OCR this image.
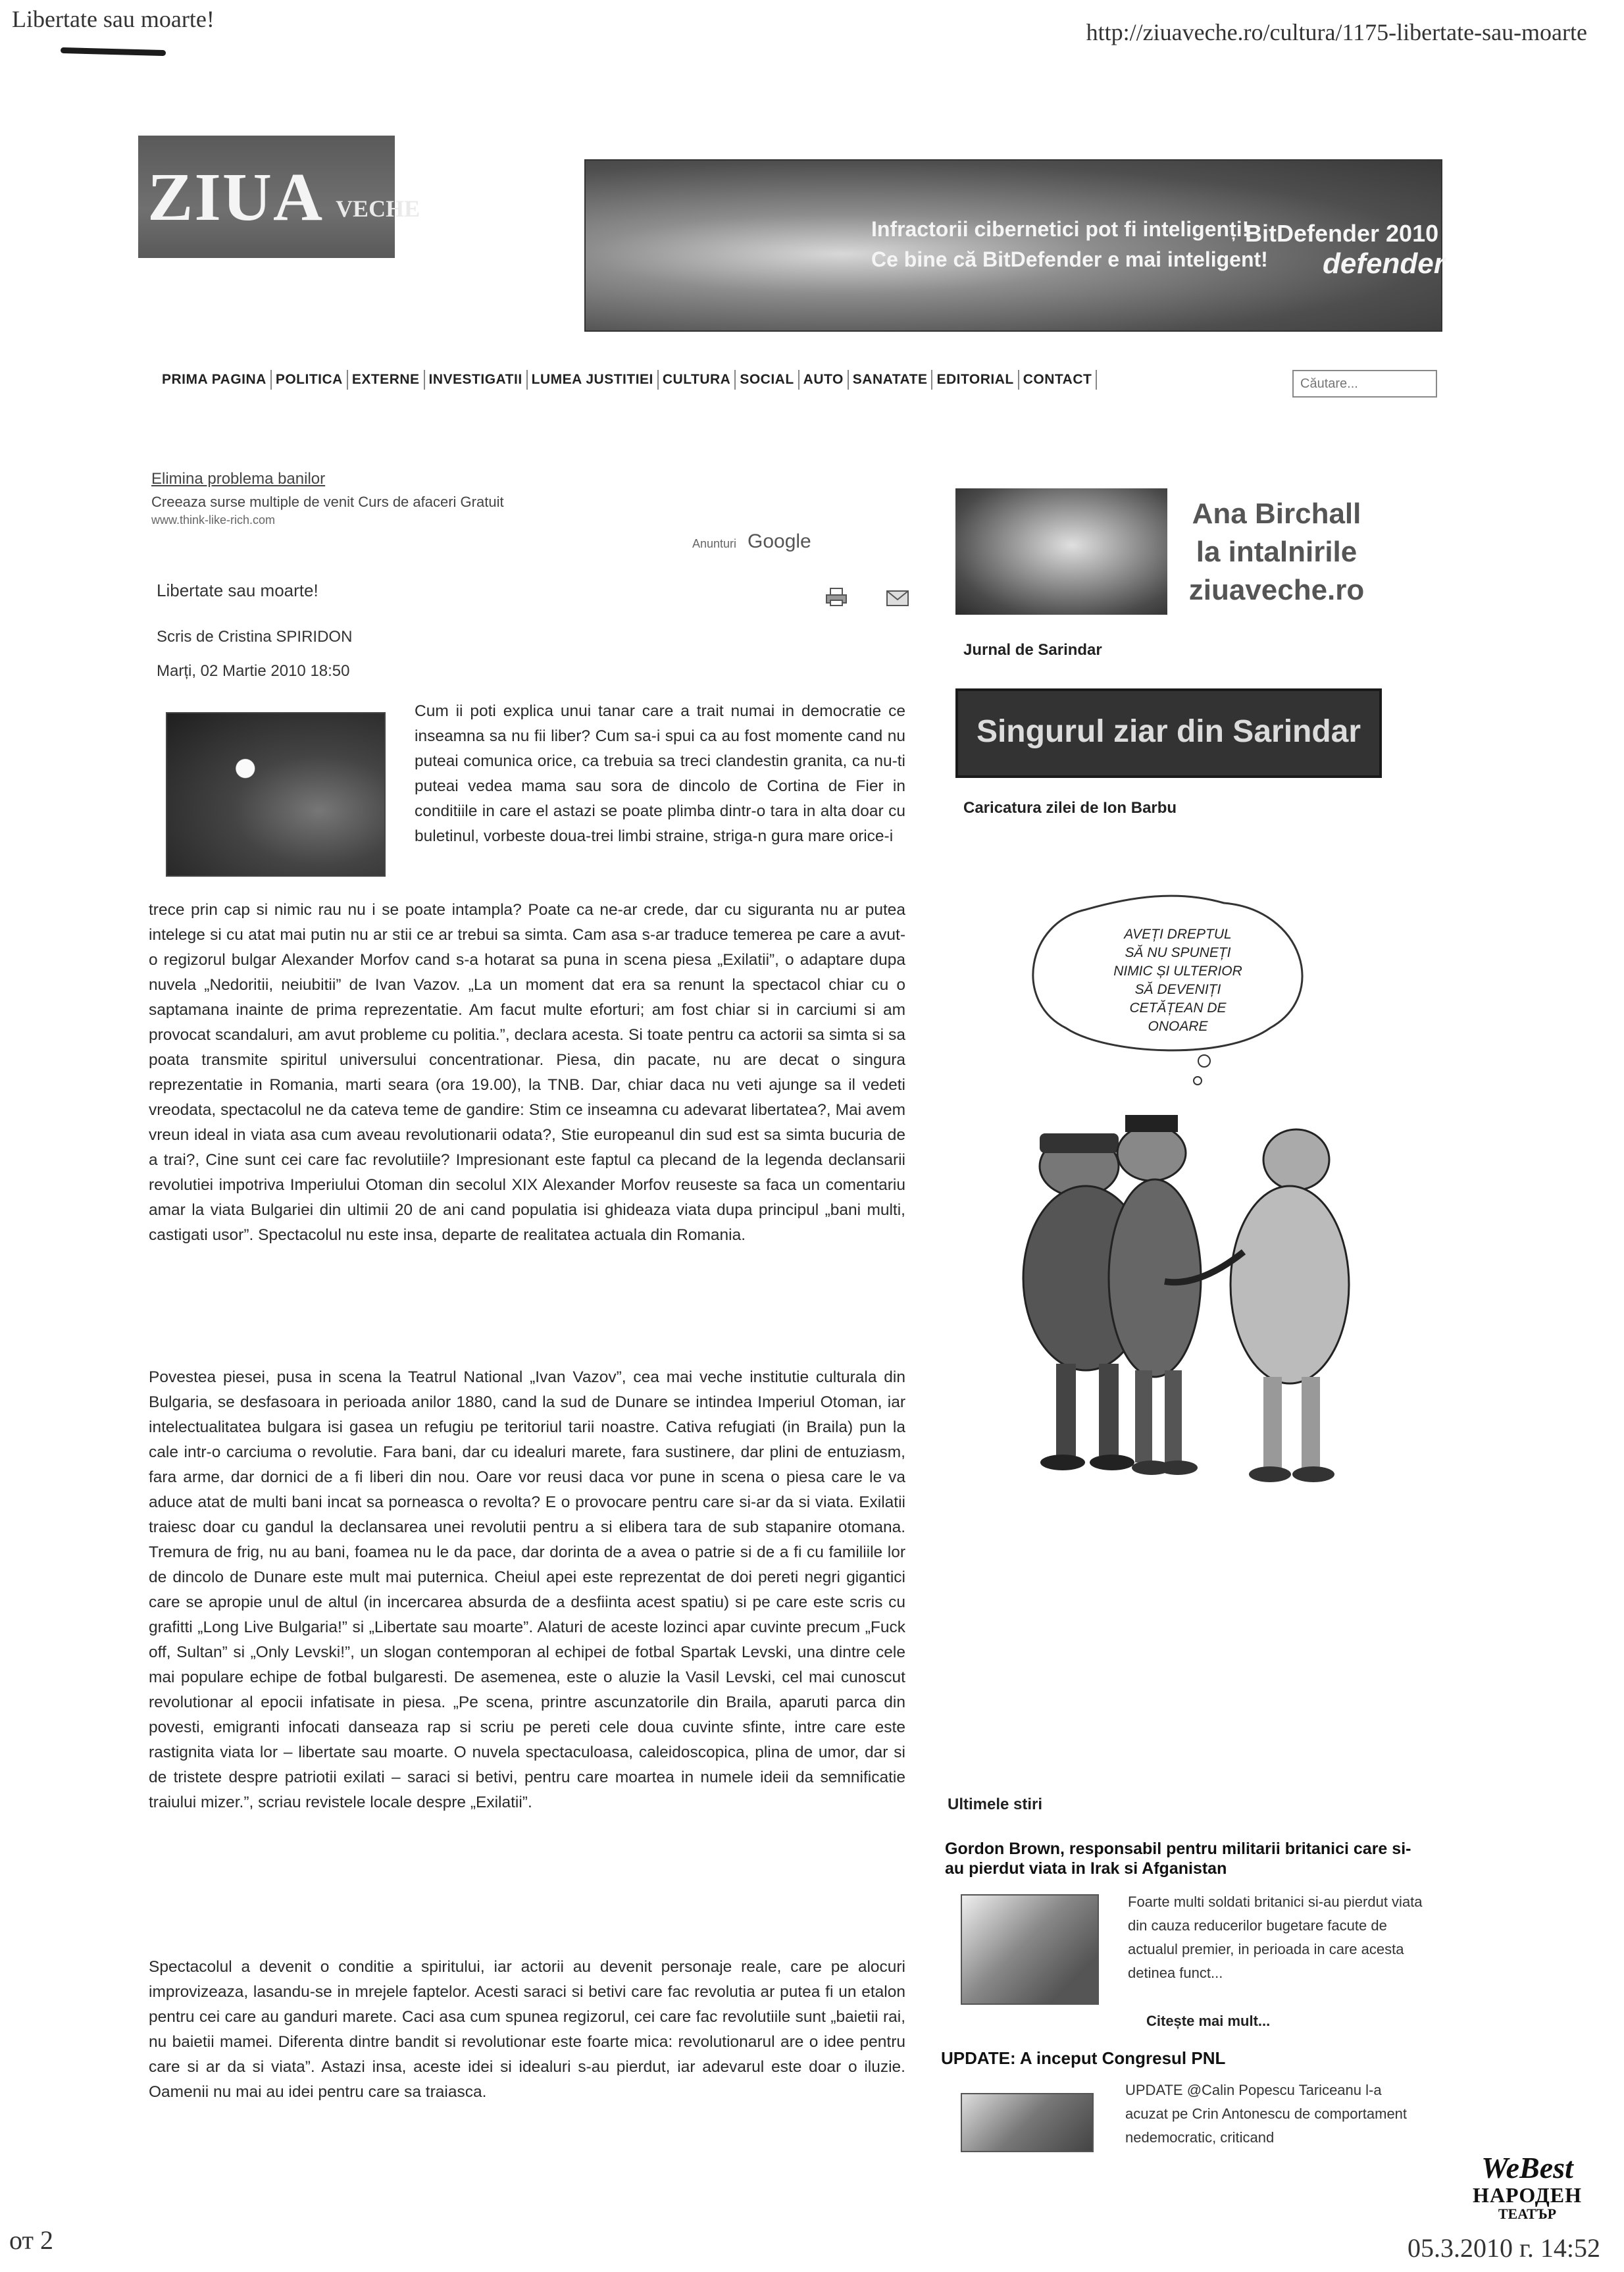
Libertate sau moarte!	http://ziuaveche.ro/cultura/1175-libertate-sau-moarte
ZIUA VECHE
Infractorii cibernetici pot fi inteligenți!
Ce bine că BitDefender e mai inteligent!
BitDefender 2010
defender
PRIMA PAGINA POLITICA EXTERNE INVESTIGATII LUMEA JUSTITIEI CULTURA SOCIAL AUTO SANATATE EDITORIAL CONTACT
Căutare...
Elimina problema banilor
Creeaza surse multiple de venit Curs de afaceri Gratuit
www.think-like-rich.com
Anunturi Google
Libertate sau moarte!
Scris de Cristina SPIRIDON
Marți, 02 Martie 2010 18:50
Cum ii poti explica unui tanar care a trait numai in democratie ce inseamna sa nu fii liber? Cum sa-i spui ca au fost momente cand nu puteai comunica orice, ca trebuia sa treci clandestin granita, ca nu-ti puteai vedea mama sau sora de dincolo de Cortina de Fier in conditiile in care el astazi se poate plimba dintr-o tara in alta doar cu buletinul, vorbeste doua-trei limbi straine, striga-n gura mare orice-i
trece prin cap si nimic rau nu i se poate intampla? Poate ca ne-ar crede, dar cu siguranta nu ar putea intelege si cu atat mai putin nu ar stii ce ar trebui sa simta. Cam asa s-ar traduce temerea pe care a avut-o regizorul bulgar Alexander Morfov cand s-a hotarat sa puna in scena piesa „Exilatii”, o adaptare dupa nuvela „Nedoritii, neiubitii” de Ivan Vazov. „La un moment dat era sa renunt la spectacol chiar cu o saptamana inainte de prima reprezentatie. Am facut multe eforturi; am fost chiar si in carciumi si am provocat scandaluri, am avut probleme cu politia.”, declara acesta. Si toate pentru ca actorii sa simta si sa poata transmite spiritul universului concentrationar. Piesa, din pacate, nu are decat o singura reprezentatie in Romania, marti seara (ora 19.00), la TNB. Dar, chiar daca nu veti ajunge sa il vedeti vreodata, spectacolul ne da cateva teme de gandire: Stim ce inseamna cu adevarat libertatea?, Mai avem vreun ideal in viata asa cum aveau revolutionarii odata?, Stie europeanul din sud est sa simta bucuria de a trai?, Cine sunt cei care fac revolutiile? Impresionant este faptul ca plecand de la legenda declansarii revolutiei impotriva Imperiului Otoman din secolul XIX Alexander Morfov reuseste sa faca un comentariu amar la viata Bulgariei din ultimii 20 de ani cand populatia isi ghideaza viata dupa principul „bani multi, castigati usor”. Spectacolul nu este insa, departe de realitatea actuala din Romania.
Povestea piesei, pusa in scena la Teatrul National „Ivan Vazov”, cea mai veche institutie culturala din Bulgaria, se desfasoara in perioada anilor 1880, cand la sud de Dunare se intindea Imperiul Otoman, iar intelectualitatea bulgara isi gasea un refugiu pe teritoriul tarii noastre. Cativa refugiati (in Braila) pun la cale intr-o carciuma o revolutie. Fara bani, dar cu idealuri marete, fara sustinere, dar plini de entuziasm, fara arme, dar dornici de a fi liberi din nou. Oare vor reusi daca vor pune in scena o piesa care le va aduce atat de multi bani incat sa porneasca o revolta? E o provocare pentru care si-ar da si viata. Exilatii traiesc doar cu gandul la declansarea unei revolutii pentru a si elibera tara de sub stapanire otomana. Tremura de frig, nu au bani, foamea nu le da pace, dar dorinta de a avea o patrie si de a fi cu familiile lor de dincolo de Dunare este mult mai puternica. Cheiul apei este reprezentat de doi pereti negri gigantici care se apropie unul de altul (in incercarea absurda de a desfiinta acest spatiu) si pe care este scris cu grafitti „Long Live Bulgaria!” si „Libertate sau moarte”. Alaturi de aceste lozinci apar cuvinte precum „Fuck off, Sultan” si „Only Levski!”, un slogan contemporan al echipei de fotbal Spartak Levski, una dintre cele mai populare echipe de fotbal bulgaresti. De asemenea, este o aluzie la Vasil Levski, cel mai cunoscut revolutionar al epocii infatisate in piesa. „Pe scena, printre ascunzatorile din Braila, aparuti parca din povesti, emigranti infocati danseaza rap si scriu pe pereti cele doua cuvinte sfinte, intre care este rastignita viata lor – libertate sau moarte. O nuvela spectaculoasa, caleidoscopica, plina de umor, dar si de tristete despre patriotii exilati – saraci si betivi, pentru care moartea in numele ideii da semnificatie traiului mizer.”, scriau revistele locale despre „Exilatii”.
Spectacolul a devenit o conditie a spiritului, iar actorii au devenit personaje reale, care pe alocuri improvizeaza, lasandu-se in mrejele faptelor. Acesti saraci si betivi care fac revolutia ar putea fi un etalon pentru cei care au ganduri marete. Caci asa cum spunea regizorul, cei care fac revolutiile sunt „baietii rai, nu baietii mamei. Diferenta dintre bandit si revolutionar este foarte mica: revolutionarul are o idee pentru care si ar da si viata”. Astazi insa, aceste idei si idealuri s-au pierdut, iar adevarul este doar o iluzie. Oamenii nu mai au idei pentru care sa traiasca.
Ana Birchall la intalnirile ziuaveche.ro
Jurnal de Sarindar
Singurul ziar din Sarindar
Caricatura zilei de Ion Barbu
AVEȚI DREPTUL
SĂ NU SPUNEȚI
NIMIC ȘI ULTERIOR
SĂ DEVENIȚI
CETĂȚEAN DE
ONOARE
Ultimele stiri
Gordon Brown, responsabil pentru militarii britanici care si-au pierdut viata in Irak si Afganistan
Foarte multi soldati britanici si-au pierdut viata din cauza reducerilor bugetare facute de actualul premier, in perioada in care acesta detinea funct...
Citește mai mult...
UPDATE: A inceput Congresul PNL
UPDATE @Calin Popescu Tariceanu l-a acuzat pe Crin Antonescu de comportament nedemocratic, criticand
от 2
WeBest
НАРОДЕН
ТЕАТЪР
05.3.2010 г. 14:52
